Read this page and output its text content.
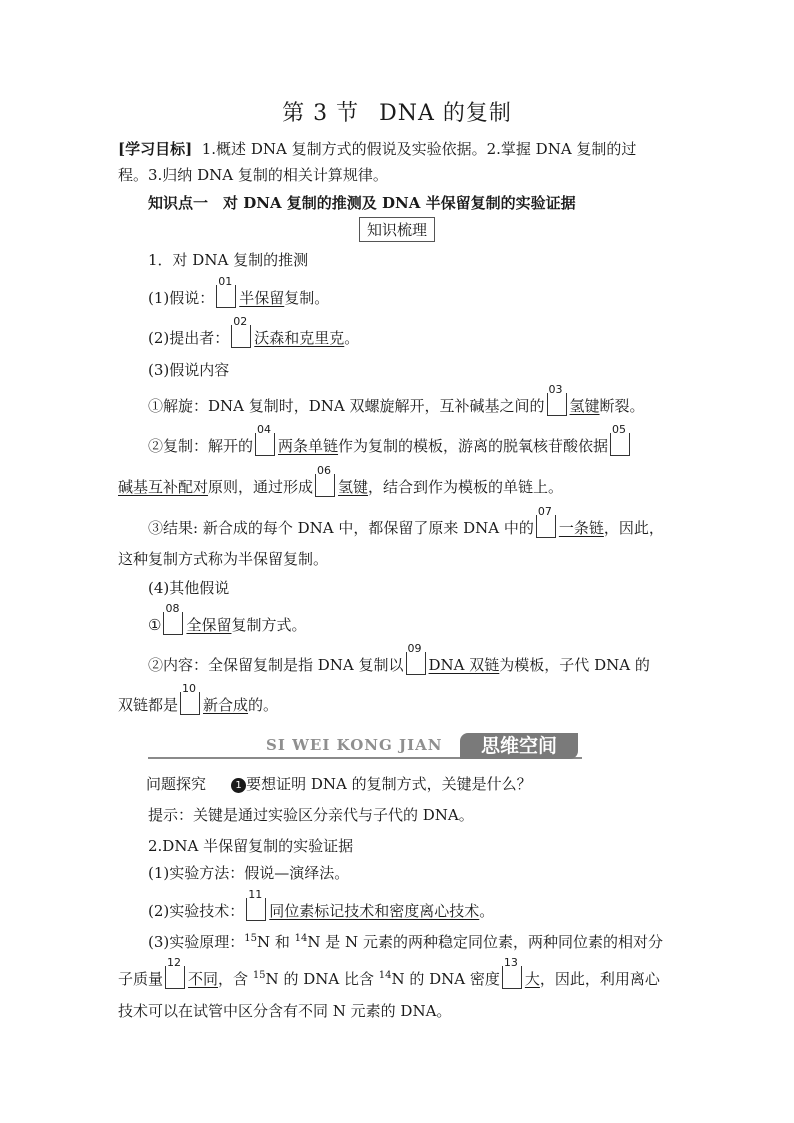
第 3 节 DNA 的复制
[学习目标] 1.概述 DNA 复制方式的假说及实验依据。2.掌握 DNA 复制的过
程。3.归纳 DNA 复制的相关计算规律。
知识点一　对 DNA 复制的推测及 DNA 半保留复制的实验证据
知识梳理
1．对 DNA 复制的推测
(1)假说：
01
半保留复制。
(2)提出者：
02
沃森和克里克。
(3)假说内容
①解旋：DNA 复制时，DNA 双螺旋解开，互补碱基之间的
03
氢键断裂。
②复制：解开的
04
两条单链作为复制的模板，游离的脱氧核苷酸依据
05
碱基互补配对原则，通过形成
06
氢键，结合到作为模板的单链上。
③结果: 新合成的每个 DNA 中，都保留了原来 DNA 中的
07
一条链，因此，
这种复制方式称为半保留复制。
(4)其他假说
①
08
全保留复制方式。
②内容：全保留复制是指 DNA 复制以
09
DNA 双链为模板，子代 DNA 的
双链都是
10
新合成的。
SI WEI KONG JIAN	思维空间
问题探究	1 要想证明 DNA 的复制方式，关键是什么？
提示：关键是通过实验区分亲代与子代的 DNA。
2.DNA 半保留复制的实验证据
(1)实验方法：假说—演绎法。
(2)实验技术：
11
同位素标记技术和密度离心技术。
(3)实验原理：$^{15}$N 和 $^{14}$N 是 N 元素的两种稳定同位素，两种同位素的相对分
子质量
12
不同，含 $^{15}$N 的 DNA 比含 $^{14}$N 的 DNA 密度
13
大，因此，利用离心
技术可以在试管中区分含有不同 N 元素的 DNA。
